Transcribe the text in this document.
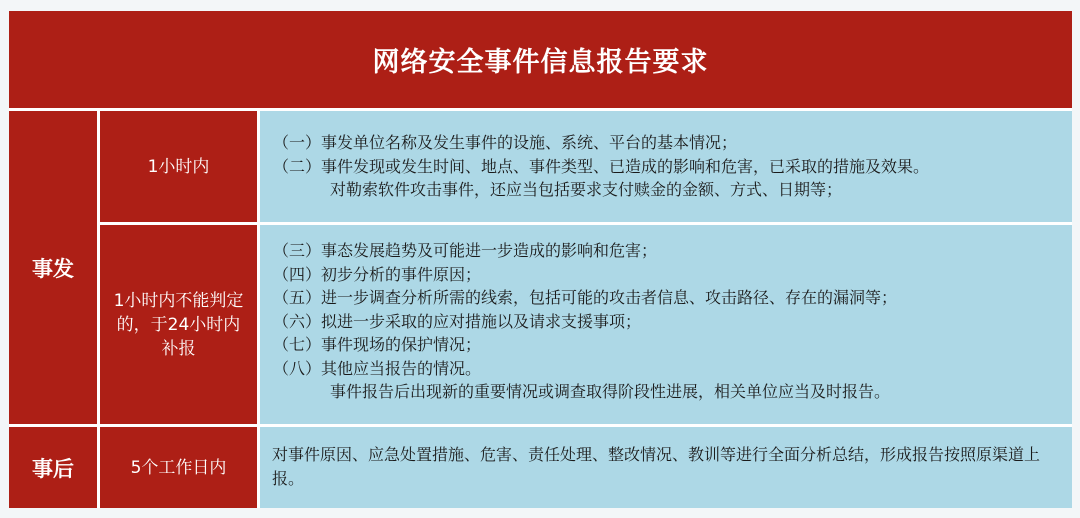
网络安全事件信息报告要求
事发
1小时内
（一）事发单位名称及发生事件的设施、系统、平台的基本情况；
（二）事件发现或发生时间、地点、事件类型、已造成的影响和危害，已采取的措施及效果。
对勒索软件攻击事件，还应当包括要求支付赎金的金额、方式、日期等；
1小时内不能判定的，于24小时内补报
（三）事态发展趋势及可能进一步造成的影响和危害；
（四）初步分析的事件原因；
（五）进一步调查分析所需的线索，包括可能的攻击者信息、攻击路径、存在的漏洞等；
（六）拟进一步采取的应对措施以及请求支援事项；
（七）事件现场的保护情况；
（八）其他应当报告的情况。
事件报告后出现新的重要情况或调查取得阶段性进展，相关单位应当及时报告。
事后	5个工作日内
对事件原因、应急处置措施、危害、责任处理、整改情况、教训等进行全面分析总结，形成报告按照原渠道上报。
